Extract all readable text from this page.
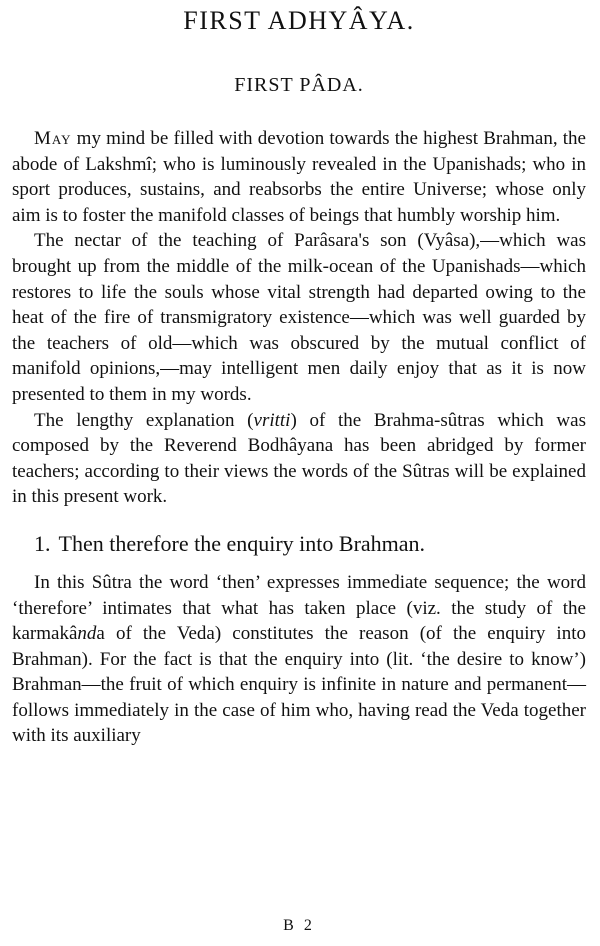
FIRST ADHYÂYA.
FIRST PÂDA.

May my mind be filled with devotion towards the highest Brahman, the abode of Lakshmî; who is luminously revealed in the Upanishads; who in sport produces, sustains, and reabsorbs the entire Universe; whose only aim is to foster the manifold classes of beings that humbly worship him.

The nectar of the teaching of Parâsara's son (Vyâsa),—which was brought up from the middle of the milk-ocean of the Upanishads—which restores to life the souls whose vital strength had departed owing to the heat of the fire of transmigratory existence—which was well guarded by the teachers of old—which was obscured by the mutual conflict of manifold opinions,—may intelligent men daily enjoy that as it is now presented to them in my words.

The lengthy explanation (vritti) of the Brahma-sûtras which was composed by the Reverend Bodhâyana has been abridged by former teachers; according to their views the words of the Sûtras will be explained in this present work.

1. Then therefore the enquiry into Brahman.

In this Sûtra the word ‘then’ expresses immediate sequence; the word ‘therefore’ intimates that what has taken place (viz. the study of the karmakânda of the Veda) constitutes the reason (of the enquiry into Brahman). For the fact is that the enquiry into (lit. ‘the desire to know’) Brahman—the fruit of which enquiry is infinite in nature and permanent—follows immediately in the case of him who, having read the Veda together with its auxiliary

B 2
